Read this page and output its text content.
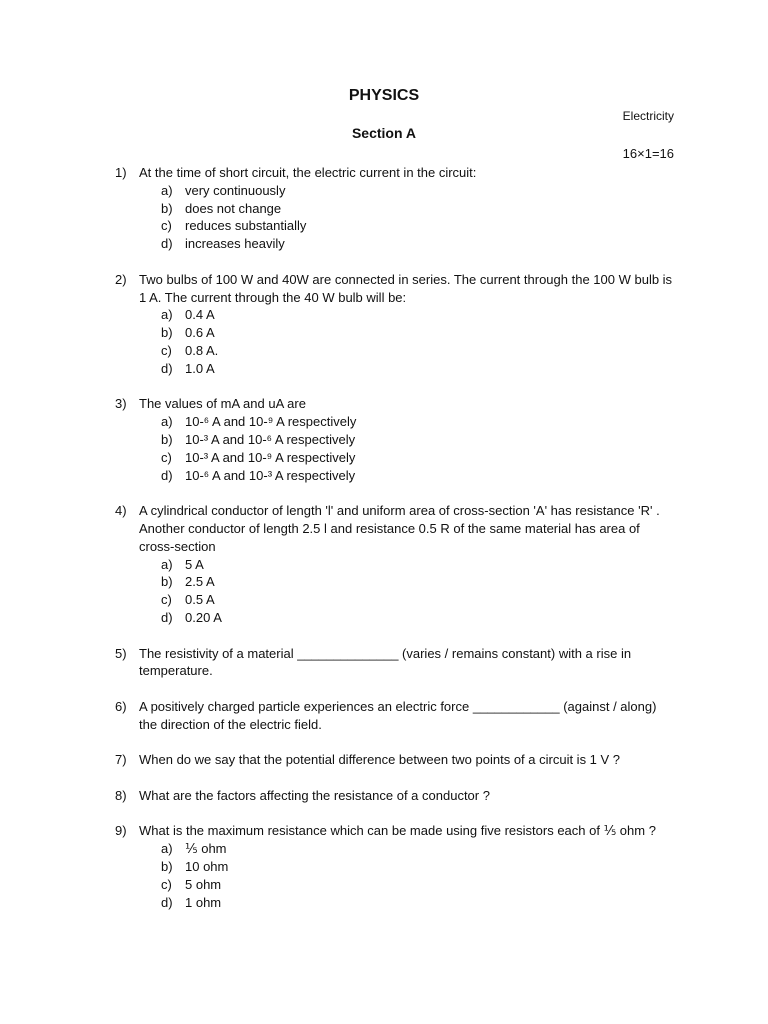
PHYSICS
Electricity
Section A
16×1=16
1) At the time of short circuit, the electric current in the circuit:
a) very continuously
b) does not change
c) reduces substantially
d) increases heavily
2) Two bulbs of 100 W and 40W are connected in series. The current through the 100 W bulb is 1 A. The current through the 40 W bulb will be:
a) 0.4 A
b) 0.6 A
c) 0.8 A.
d) 1.0 A
3) The values of mA and uA are
a) 10-⁶ A and 10-⁹ A respectively
b) 10-³ A and 10-⁶ A respectively
c) 10-³ A and 10-⁹ A respectively
d) 10-⁶ A and 10-³ A respectively
4) A cylindrical conductor of length 'l' and uniform area of cross-section 'A' has resistance 'R' . Another conductor of length 2.5 l and resistance 0.5 R of the same material has area of cross-section
a) 5 A
b) 2.5 A
c) 0.5 A
d) 0.20 A
5) The resistivity of a material ______________ (varies / remains constant) with a rise in temperature.
6) A positively charged particle experiences an electric force ____________ (against / along) the direction of the electric field.
7) When do we say that the potential difference between two points of a circuit is 1 V ?
8) What are the factors affecting the resistance of a conductor ?
9) What is the maximum resistance which can be made using five resistors each of ⅕ ohm ?
a) ⅕ ohm
b) 10 ohm
c) 5 ohm
d) 1 ohm
